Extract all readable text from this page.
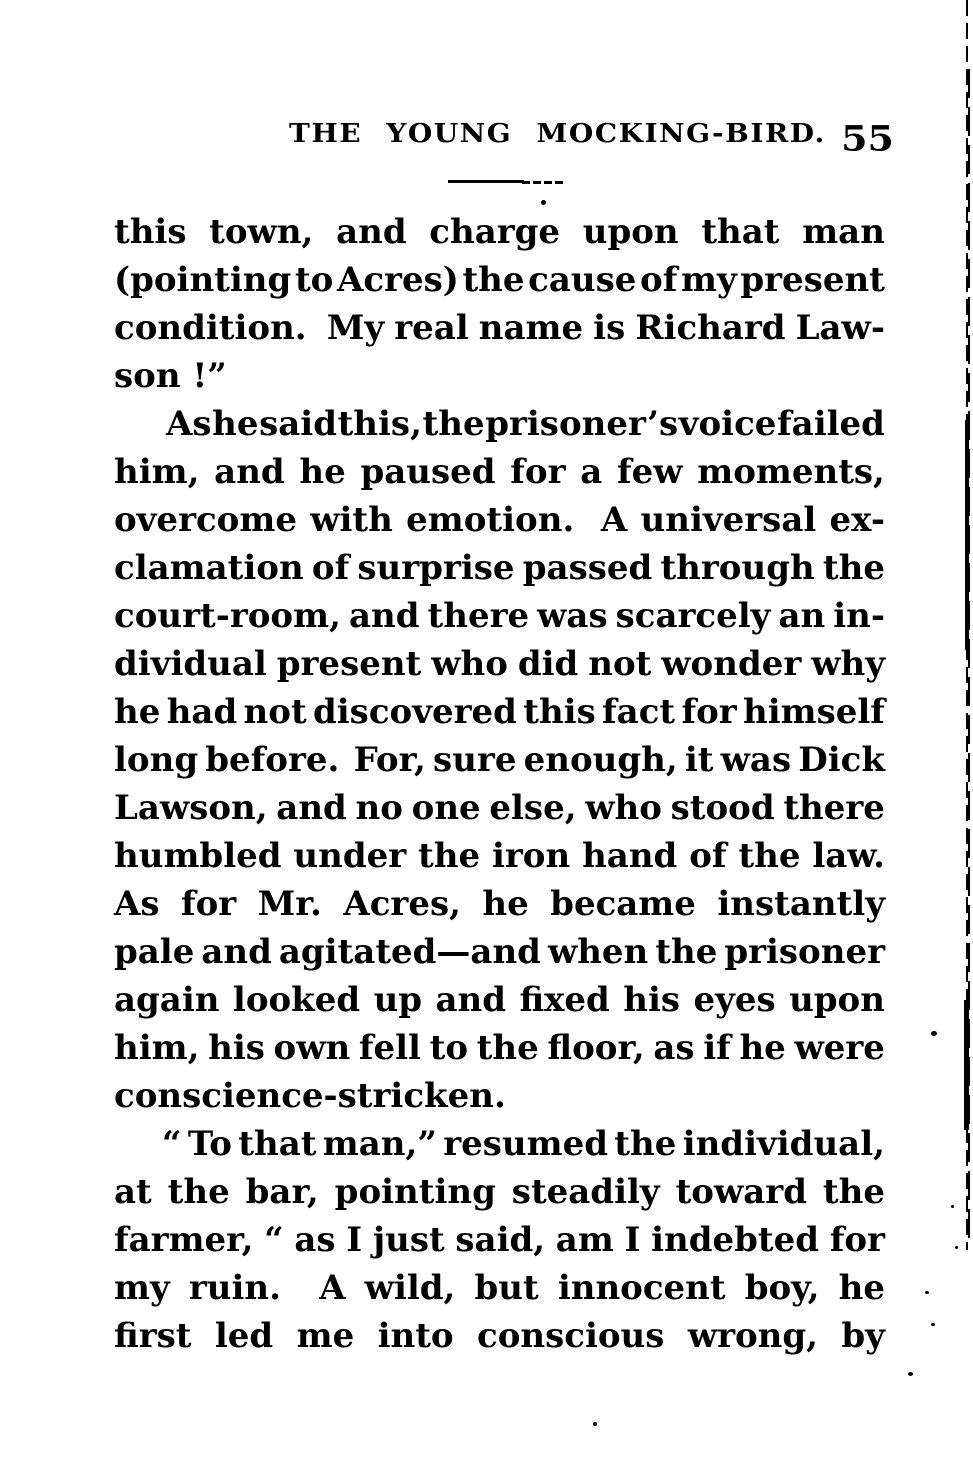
THE YOUNG MOCKING-BIRD. 55
this town, and charge upon that man
(pointing to Acres) the cause of my present
condition. My real name is Richard Law-
son !”
As he said this, the prisoner’s voice failed
him, and he paused for a few moments,
overcome with emotion. A universal ex-
clamation of surprise passed through the
court-room, and there was scarcely an in-
dividual present who did not wonder why
he had not discovered this fact for himself
long before. For, sure enough, it was Dick
Lawson, and no one else, who stood there
humbled under the iron hand of the law.
As for Mr. Acres, he became instantly
pale and agitated—and when the prisoner
again looked up and fixed his eyes upon
him, his own fell to the floor, as if he were
conscience-stricken.
“ To that man,” resumed the individual,
at the bar, pointing steadily toward the
farmer, “ as I just said, am I indebted for
my ruin. A wild, but innocent boy, he
first led me into conscious wrong, by
